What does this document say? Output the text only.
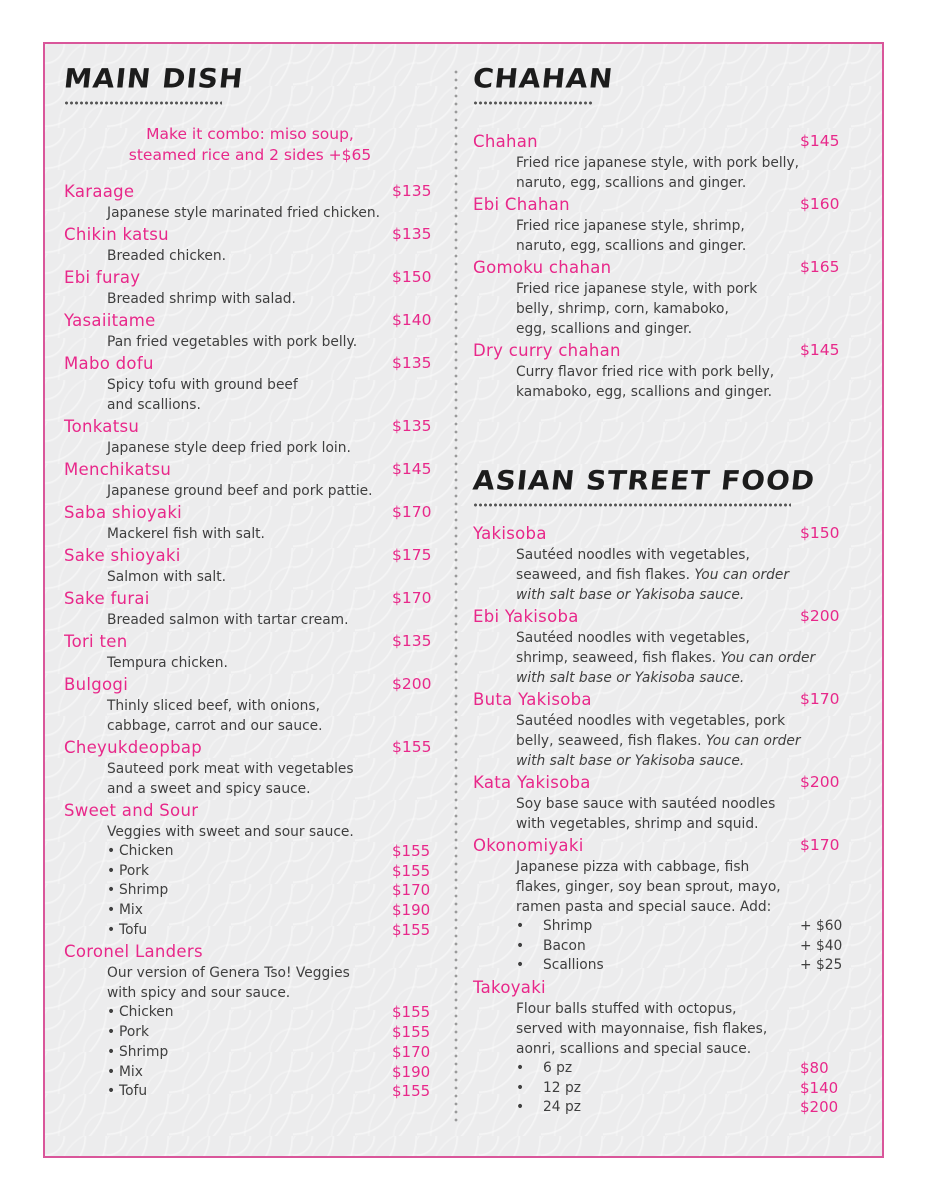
MAIN DISH
Make it combo: miso soup,
steamed rice and 2 sides +$65
Karaage	$135
Japanese style marinated fried chicken.
Chikin katsu	$135
Breaded chicken.
Ebi furay	$150
Breaded shrimp with salad.
Yasaiitame	$140
Pan fried vegetables with pork belly.
Mabo dofu	$135
Spicy tofu with ground beef
and scallions.
Tonkatsu	$135
Japanese style deep fried pork loin.
Menchikatsu	$145
Japanese ground beef and pork pattie.
Saba shioyaki	$170
Mackerel fish with salt.
Sake shioyaki	$175
Salmon with salt.
Sake furai	$170
Breaded salmon with tartar cream.
Tori ten	$135
Tempura chicken.
Bulgogi	$200
Thinly sliced beef, with onions,
cabbage, carrot and our sauce.
Cheyukdeopbap	$155
Sauteed pork meat with vegetables
and a sweet and spicy sauce.
Sweet and Sour
Veggies with sweet and sour sauce.
• Chicken	$155
• Pork	$155
• Shrimp	$170
• Mix	$190
• Tofu	$155
Coronel Landers
Our version of Genera Tso! Veggies
with spicy and sour sauce.
• Chicken	$155
• Pork	$155
• Shrimp	$170
• Mix	$190
• Tofu	$155
CHAHAN
Chahan	$145
Fried rice japanese style, with pork belly,
naruto, egg, scallions and ginger.
Ebi Chahan	$160
Fried rice japanese style, shrimp,
naruto, egg, scallions and ginger.
Gomoku chahan	$165
Fried rice japanese style, with pork
belly, shrimp, corn, kamaboko,
egg, scallions and ginger.
Dry curry chahan	$145
Curry flavor fried rice with pork belly,
kamaboko, egg, scallions and ginger.
ASIAN STREET FOOD
Yakisoba	$150
Sautéed noodles with vegetables,
seaweed, and fish flakes. You can order
with salt base or Yakisoba sauce.
Ebi Yakisoba	$200
Sautéed noodles with vegetables,
shrimp, seaweed, fish flakes. You can order
with salt base or Yakisoba sauce.
Buta Yakisoba	$170
Sautéed noodles with vegetables, pork
belly, seaweed, fish flakes. You can order
with salt base or Yakisoba sauce.
Kata Yakisoba	$200
Soy base sauce with sautéed noodles
with vegetables, shrimp and squid.
Okonomiyaki	$170
Japanese pizza with cabbage, fish
flakes, ginger, soy bean sprout, mayo,
ramen pasta and special sauce. Add:
• Shrimp	+ $60
• Bacon	+ $40
• Scallions	+ $25
Takoyaki
Flour balls stuffed with octopus,
served with mayonnaise, fish flakes,
aonri, scallions and special sauce.
• 6 pz	$80
• 12 pz	$140
• 24 pz	$200
